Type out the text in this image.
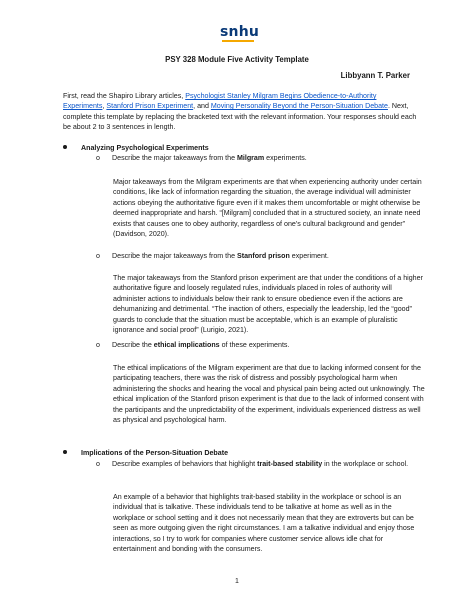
snhu
PSY 328 Module Five Activity Template
Libbyann T. Parker
First, read the Shapiro Library articles, Psychologist Stanley Milgram Begins Obedience-to-Authority Experiments, Stanford Prison Experiment, and Moving Personality Beyond the Person-Situation Debate. Next, complete this template by replacing the bracketed text with the relevant information. Your responses should each be about 2 to 3 sentences in length.
Analyzing Psychological Experiments
o	Describe the major takeaways from the Milgram experiments.
Major takeaways from the Milgram experiments are that when experiencing authority under certain conditions, like lack of information regarding the situation, the average individual will administer actions obeying the authoritative figure even if it makes them uncomfortable or might otherwise be deemed inappropriate and harsh. “[Milgram] concluded that in a structured society, an innate need exists that causes one to obey authority, regardless of one’s cultural background and gender” (Davidson, 2020).
o	Describe the major takeaways from the Stanford prison experiment.
The major takeaways from the Stanford prison experiment are that under the conditions of a higher authoritative figure and loosely regulated rules, individuals placed in roles of authority will administer actions to individuals below their rank to ensure obedience even if the actions are dehumanizing and detrimental. “The inaction of others, especially the leadership, led the “good” guards to conclude that the situation must be acceptable, which is an example of pluralistic ignorance and social proof” (Lurigio, 2021).
o	Describe the ethical implications of these experiments.
The ethical implications of the Milgram experiment are that due to lacking informed consent for the participating teachers, there was the risk of distress and possibly psychological harm when administering the shocks and hearing the vocal and physical pain being acted out unknowingly. The ethical implication of the Stanford prison experiment is that due to the lack of informed consent with the participants and the unpredictability of the experiment, individuals experienced distress as well as physical and psychological harm.
Implications of the Person-Situation Debate
o	Describe examples of behaviors that highlight trait-based stability in the workplace or school.
An example of a behavior that highlights trait-based stability in the workplace or school is an individual that is talkative. These individuals tend to be talkative at home as well as in the workplace or school setting and it does not necessarily mean that they are extroverts but can be seen as more outgoing given the right circumstances. I am a talkative individual and enjoy those interactions, so I try to work for companies where customer service allows idle chat for entertainment and bonding with the consumers.
1
